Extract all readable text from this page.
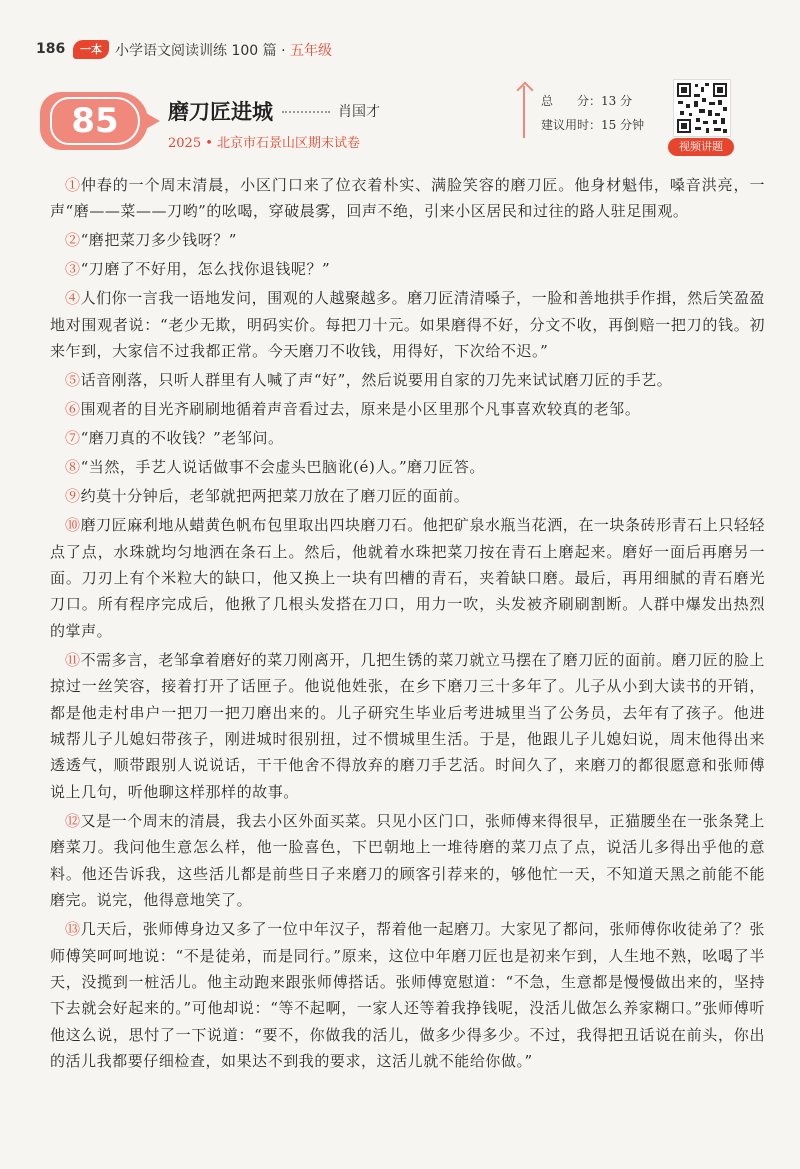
186	一本 小学语文阅读训练 100 篇 · 五年级
85	磨刀匠进城	肖国才
2025 • 北京市石景山区期末试卷
总　　分：13 分
建议用时：15 分钟
视频讲题

①仲春的一个周末清晨，小区门口来了位衣着朴实、满脸笑容的磨刀匠。他身材魁伟，嗓音洪亮，一声“磨——菜——刀哟”的吆喝，穿破晨雾，回声不绝，引来小区居民和过往的路人驻足围观。

②“磨把菜刀多少钱呀？”

③“刀磨了不好用，怎么找你退钱呢？”

④人们你一言我一语地发问，围观的人越聚越多。磨刀匠清清嗓子，一脸和善地拱手作揖，然后笑盈盈地对围观者说：“老少无欺，明码实价。每把刀十元。如果磨得不好，分文不收，再倒赔一把刀的钱。初来乍到，大家信不过我都正常。今天磨刀不收钱，用得好，下次给不迟。”

⑤话音刚落，只听人群里有人喊了声“好”，然后说要用自家的刀先来试试磨刀匠的手艺。

⑥围观者的目光齐刷刷地循着声音看过去，原来是小区里那个凡事喜欢较真的老邹。

⑦“磨刀真的不收钱？”老邹问。

⑧“当然，手艺人说话做事不会虚头巴脑讹(é)人。”磨刀匠答。

⑨约莫十分钟后，老邹就把两把菜刀放在了磨刀匠的面前。

⑩磨刀匠麻利地从蜡黄色帆布包里取出四块磨刀石。他把矿泉水瓶当花洒，在一块条砖形青石上只轻轻点了点，水珠就均匀地洒在条石上。然后，他就着水珠把菜刀按在青石上磨起来。磨好一面后再磨另一面。刀刃上有个米粒大的缺口，他又换上一块有凹槽的青石，夹着缺口磨。最后，再用细腻的青石磨光刀口。所有程序完成后，他揪了几根头发搭在刀口，用力一吹，头发被齐刷刷割断。人群中爆发出热烈的掌声。

⑪不需多言，老邹拿着磨好的菜刀刚离开，几把生锈的菜刀就立马摆在了磨刀匠的面前。磨刀匠的脸上掠过一丝笑容，接着打开了话匣子。他说他姓张，在乡下磨刀三十多年了。儿子从小到大读书的开销，都是他走村串户一把刀一把刀磨出来的。儿子研究生毕业后考进城里当了公务员，去年有了孩子。他进城帮儿子儿媳妇带孩子，刚进城时很别扭，过不惯城里生活。于是，他跟儿子儿媳妇说，周末他得出来透透气，顺带跟别人说说话，干干他舍不得放弃的磨刀手艺活。时间久了，来磨刀的都很愿意和张师傅说上几句，听他聊这样那样的故事。

⑫又是一个周末的清晨，我去小区外面买菜。只见小区门口，张师傅来得很早，正猫腰坐在一张条凳上磨菜刀。我问他生意怎么样，他一脸喜色，下巴朝地上一堆待磨的菜刀点了点，说活儿多得出乎他的意料。他还告诉我，这些活儿都是前些日子来磨刀的顾客引荐来的，够他忙一天，不知道天黑之前能不能磨完。说完，他得意地笑了。

⑬几天后，张师傅身边又多了一位中年汉子，帮着他一起磨刀。大家见了都问，张师傅你收徒弟了？张师傅笑呵呵地说：“不是徒弟，而是同行。”原来，这位中年磨刀匠也是初来乍到，人生地不熟，吆喝了半天，没揽到一桩活儿。他主动跑来跟张师傅搭话。张师傅宽慰道：“不急，生意都是慢慢做出来的，坚持下去就会好起来的。”可他却说：“等不起啊，一家人还等着我挣钱呢，没活儿做怎么养家糊口。”张师傅听他这么说，思忖了一下说道：“要不，你做我的活儿，做多少得多少。不过，我得把丑话说在前头，你出的活儿我都要仔细检查，如果达不到我的要求，这活儿就不能给你做。”
